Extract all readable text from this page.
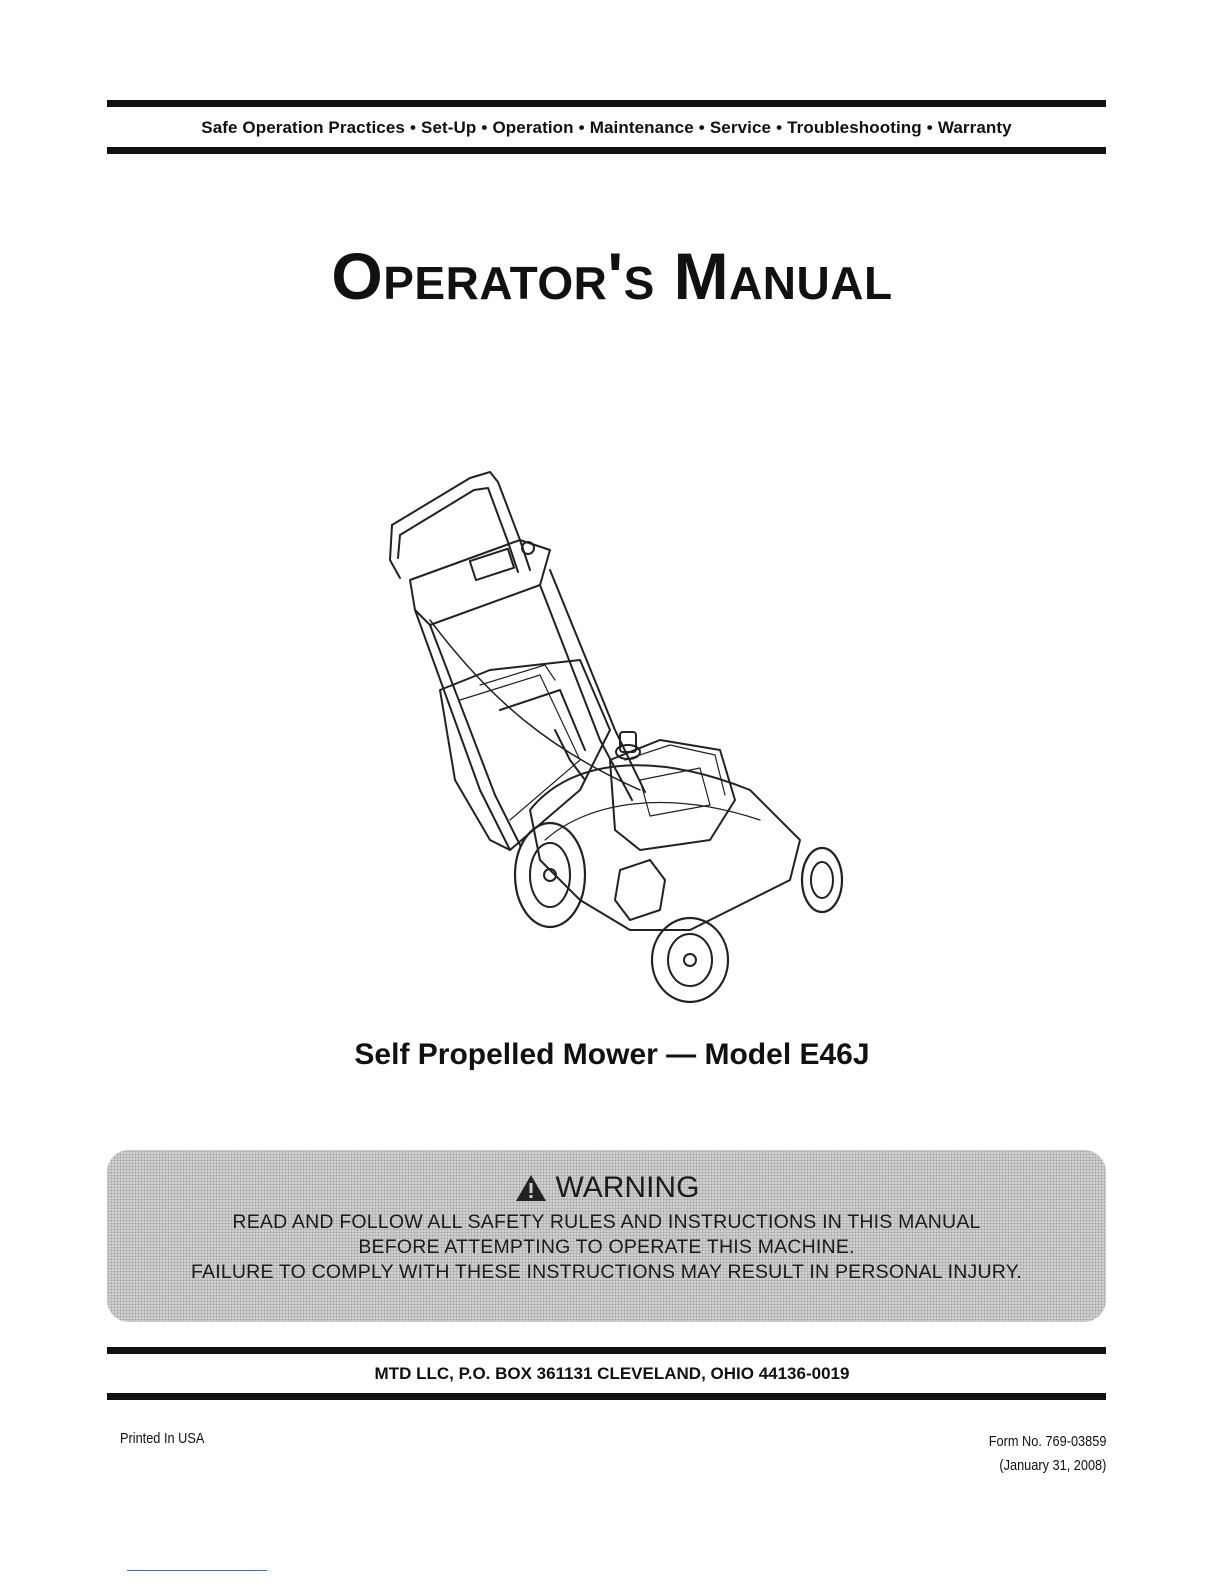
Safe Operation Practices • Set-Up • Operation • Maintenance • Service • Troubleshooting • Warranty
Operator's Manual
Self Propelled Mower — Model E46J
WARNING
READ AND FOLLOW ALL SAFETY RULES AND INSTRUCTIONS IN THIS MANUAL
BEFORE ATTEMPTING TO OPERATE THIS MACHINE.
FAILURE TO COMPLY WITH THESE INSTRUCTIONS MAY RESULT IN PERSONAL INJURY.
MTD LLC, P.O. BOX 361131 CLEVELAND, OHIO 44136-0019
Printed In USA	Form No. 769-03859
(January 31, 2008)
